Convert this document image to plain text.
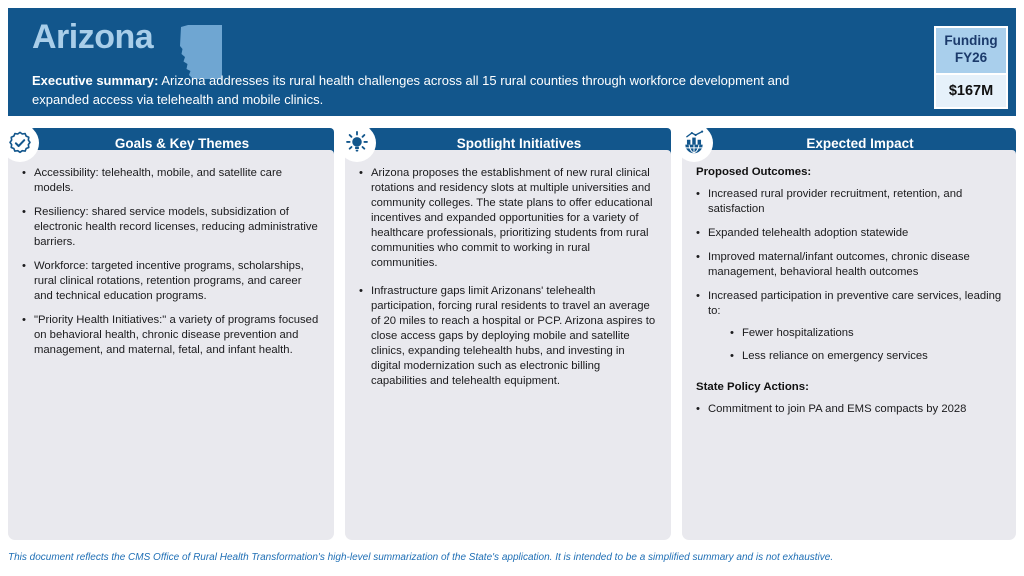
Arizona

Executive summary: Arizona addresses its rural health challenges across all 15 rural counties through workforce development and expanded access via telehealth and mobile clinics.

Funding
FY26
$167M
Goals & Key Themes	Spotlight Initiatives	Expected Impact
• Accessibility: telehealth, mobile, and satellite care models.
• Resiliency: shared service models, subsidization of electronic health record licenses, reducing administrative barriers.
• Workforce: targeted incentive programs, scholarships, rural clinical rotations, retention programs, and career and technical education programs.
• "Priority Health Initiatives:" a variety of programs focused on behavioral health, chronic disease prevention and management, and maternal, fetal, and infant health.
• Arizona proposes the establishment of new rural clinical rotations and residency slots at multiple universities and community colleges. The state plans to offer educational incentives and expanded opportunities for a variety of healthcare professionals, prioritizing students from rural communities who commit to working in rural communities.
• Infrastructure gaps limit Arizonans' telehealth participation, forcing rural residents to travel an average of 20 miles to reach a hospital or PCP. Arizona aspires to close access gaps by deploying mobile and satellite clinics, expanding telehealth hubs, and investing in digital modernization such as electronic billing capabilities and telehealth equipment.

Proposed Outcomes:

• Increased rural provider recruitment, retention, and satisfaction
• Expanded telehealth adoption statewide
• Improved maternal/infant outcomes, chronic disease management, behavioral health outcomes
• Increased participation in preventive care services, leading to:
• Fewer hospitalizations
• Less reliance on emergency services

State Policy Actions:

• Commitment to join PA and EMS compacts by 2028

This document reflects the CMS Office of Rural Health Transformation's high-level summarization of the State's application. It is intended to be a simplified summary and is not exhaustive.
